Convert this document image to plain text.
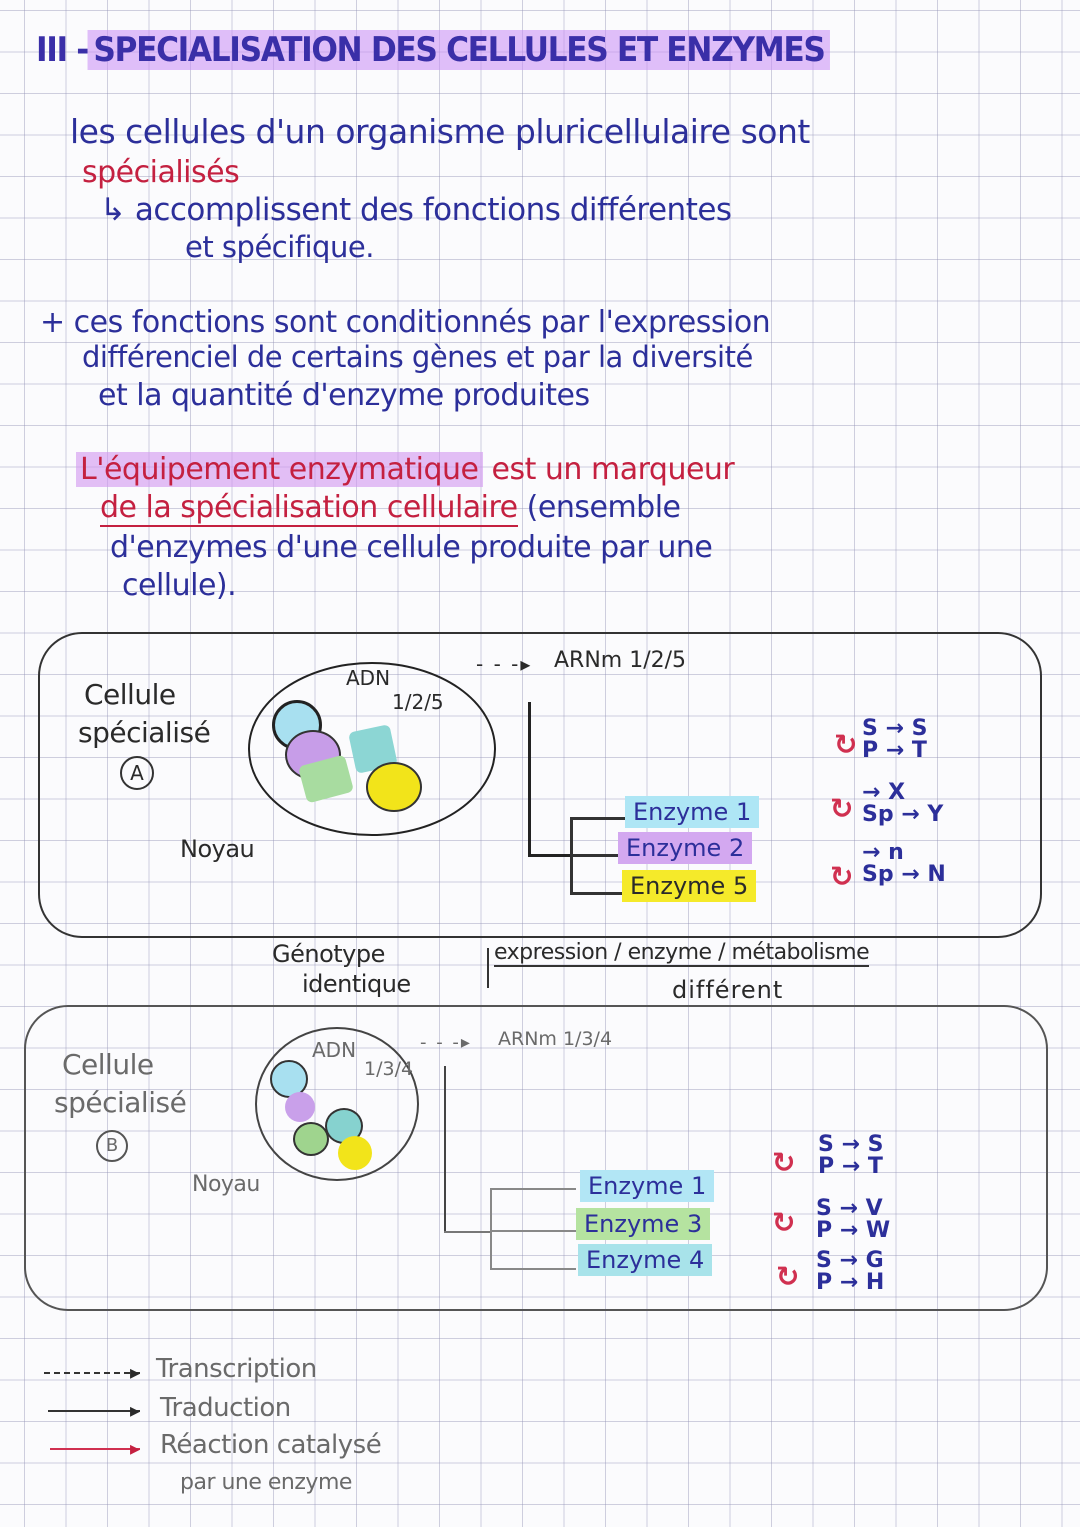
III - SPECIALISATION DES CELLULES ET ENZYMES
les cellules d'un organisme pluricellulaire sont
spécialisés
↳ accomplissent des fonctions différentes
et spécifique.
+ ces fonctions sont conditionnés par l'expression
différenciel de certains gènes et par la diversité
et la quantité d'enzyme produites
L'équipement enzymatique est un marqueur
de la spécialisation cellulaire (ensemble
d'enzymes d'une cellule produite par une
cellule).
Cellule
spécialisé
A
ADN
1/2/5
Noyau
- - -▸ ARNm 1/2/5
Enzyme 1
Enzyme 2
Enzyme 5
↻ S → S
P → T
↻ → X
Sp → Y
↻
→ n
Sp → N
Génotype
identique
expression / enzyme / métabolisme
différent
Cellule
spécialisé
B
ADN
1/3/4
Noyau
- - -▸ ARNm 1/3/4
Enzyme 1
Enzyme 3
Enzyme 4
↻
S → S
P → T
↻ S → V
P → W
↻ S → G
P → H
▸ Transcription
▸ Traduction
▸ Réaction catalysé
par une enzyme
